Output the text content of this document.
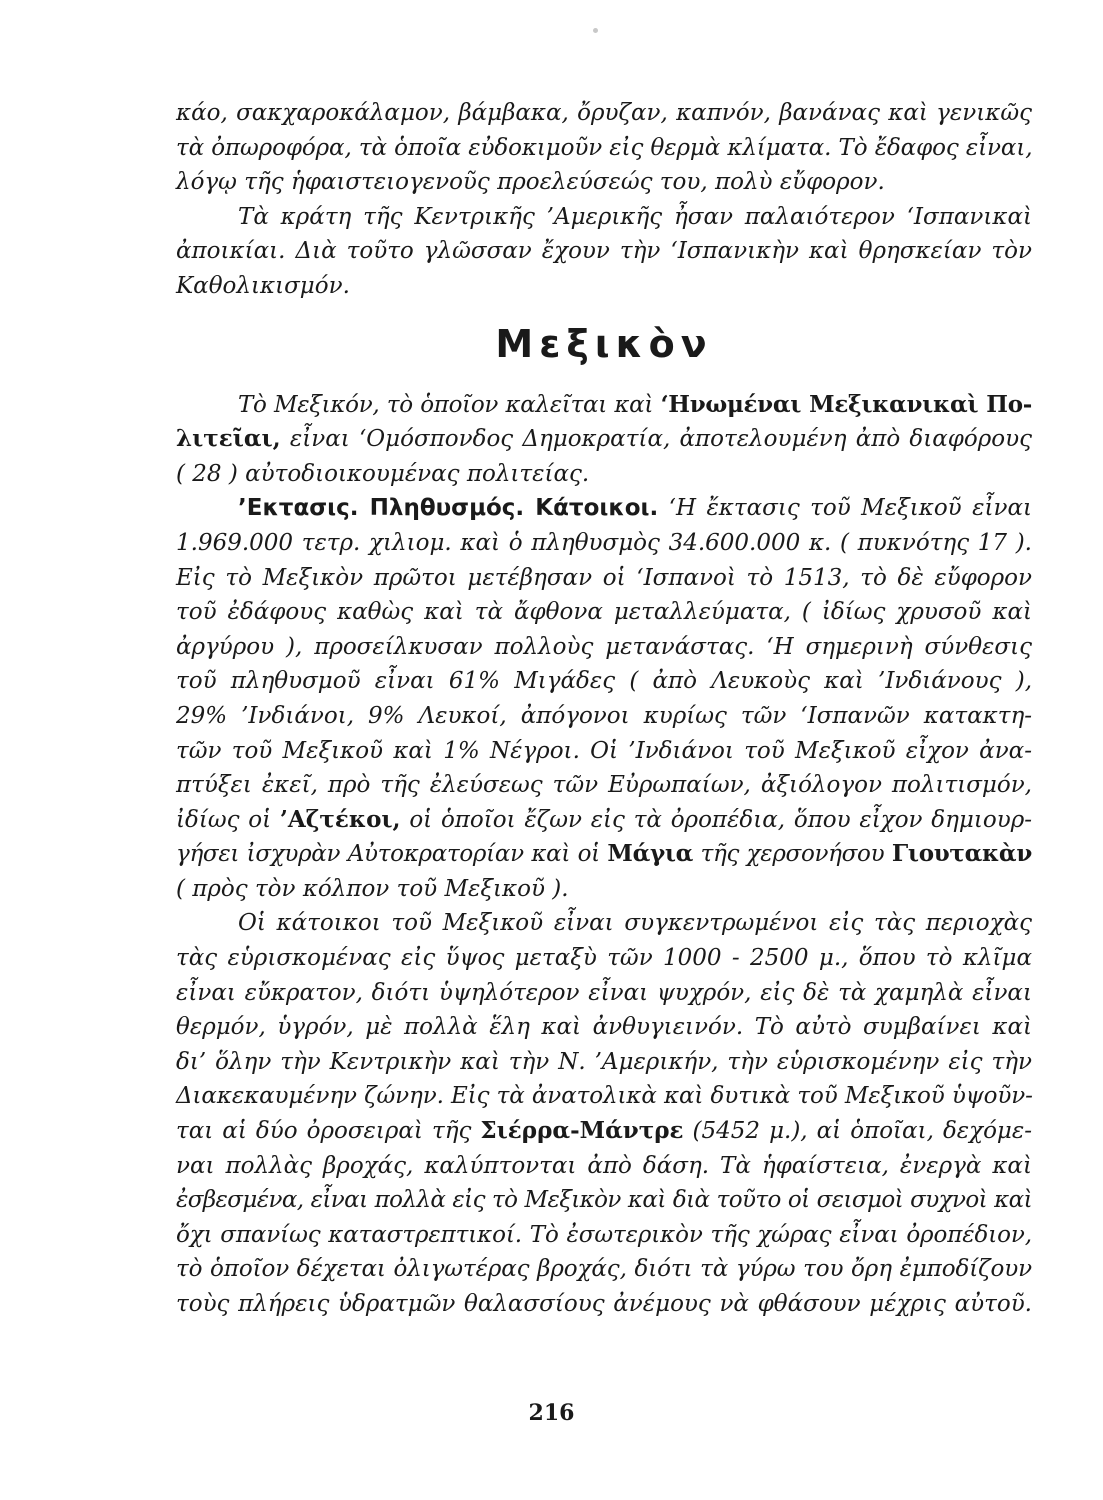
κάο, σακχαροκάλαμον, βάμβακα, ὄρυζαν, καπνόν, βανάνας καὶ γενικῶς
τὰ ὀπωροφόρα, τὰ ὁποῖα εὐδοκιμοῦν εἰς θερμὰ κλίματα. Τὸ ἔδαφος εἶναι,
λόγῳ τῆς ἡφαιστειογενοῦς προελεύσεώς του, πολὺ εὔφορον.
Τὰ κράτη τῆς Κεντρικῆς ’Αμερικῆς ἦσαν παλαιότερον ‘Ισπανικαὶ
ἀποικίαι. Διὰ τοῦτο γλῶσσαν ἔχουν τὴν ‘Ισπανικὴν καὶ θρησκείαν τὸν
Καθολικισμόν.
Μεξικὸν
Τὸ Μεξικόν, τὸ ὁποῖον καλεῖται καὶ ‘Ηνωμέναι Μεξικανικαὶ Πο-
λιτεῖαι, εἶναι ‘Ομόσπονδος Δημοκρατία, ἀποτελουμένη ἀπὸ διαφόρους
( 28 ) αὐτοδιοικουμένας πολιτείας.
’Εκτασις. Πληθυσμός. Κάτοικοι. ‘Η ἔκτασις τοῦ Μεξικοῦ εἶναι
1.969.000 τετρ. χιλιομ. καὶ ὁ πληθυσμὸς 34.600.000 κ. ( πυκνότης 17 ).
Εἰς τὸ Μεξικὸν πρῶτοι μετέβησαν οἱ ‘Ισπανοὶ τὸ 1513, τὸ δὲ εὔφορον
τοῦ ἐδάφους καθὼς καὶ τὰ ἄφθονα μεταλλεύματα, ( ἰδίως χρυσοῦ καὶ
ἀργύρου ), προσείλκυσαν πολλοὺς μετανάστας. ‘Η σημερινὴ σύνθεσις
τοῦ πληθυσμοῦ εἶναι 61% Μιγάδες ( ἀπὸ Λευκοὺς καὶ ’Ινδιάνους ),
29% ’Ινδιάνοι, 9% Λευκοί, ἀπόγονοι κυρίως τῶν ‘Ισπανῶν κατακτη-
τῶν τοῦ Μεξικοῦ καὶ 1% Νέγροι. Οἱ ’Ινδιάνοι τοῦ Μεξικοῦ εἶχον ἀνα-
πτύξει ἐκεῖ, πρὸ τῆς ἐλεύσεως τῶν Εὐρωπαίων, ἀξιόλογον πολιτισμόν,
ἰδίως οἱ ’Αζτέκοι, οἱ ὁποῖοι ἔζων εἰς τὰ ὀροπέδια, ὅπου εἶχον δημιουρ-
γήσει ἰσχυρὰν Αὐτοκρατορίαν καὶ οἱ Μάγια τῆς χερσονήσου Γιουτακὰν
( πρὸς τὸν κόλπον τοῦ Μεξικοῦ ).
Οἱ κάτοικοι τοῦ Μεξικοῦ εἶναι συγκεντρωμένοι εἰς τὰς περιοχὰς
τὰς εὑρισκομένας εἰς ὕψος μεταξὺ τῶν 1000 - 2500 μ., ὅπου τὸ κλῖμα
εἶναι εὔκρατον, διότι ὑψηλότερον εἶναι ψυχρόν, εἰς δὲ τὰ χαμηλὰ εἶναι
θερμόν, ὑγρόν, μὲ πολλὰ ἕλη καὶ ἀνθυγιεινόν. Τὸ αὐτὸ συμβαίνει καὶ
δι’ ὅλην τὴν Κεντρικὴν καὶ τὴν Ν. ’Αμερικήν, τὴν εὑρισκομένην εἰς τὴν
Διακεκαυμένην ζώνην. Εἰς τὰ ἀνατολικὰ καὶ δυτικὰ τοῦ Μεξικοῦ ὑψοῦν-
ται αἱ δύο ὀροσειραὶ τῆς Σιέρρα-Μάντρε (5452 μ.), αἱ ὁποῖαι, δεχόμε-
ναι πολλὰς βροχάς, καλύπτονται ἀπὸ δάση. Τὰ ἡφαίστεια, ἐνεργὰ καὶ
ἐσβεσμένα, εἶναι πολλὰ εἰς τὸ Μεξικὸν καὶ διὰ τοῦτο οἱ σεισμοὶ συχνοὶ καὶ
ὄχι σπανίως καταστρεπτικοί. Τὸ ἐσωτερικὸν τῆς χώρας εἶναι ὀροπέδιον,
τὸ ὁποῖον δέχεται ὀλιγωτέρας βροχάς, διότι τὰ γύρω του ὄρη ἐμποδίζουν
τοὺς πλήρεις ὑδρατμῶν θαλασσίους ἀνέμους νὰ φθάσουν μέχρις αὐτοῦ.
216
